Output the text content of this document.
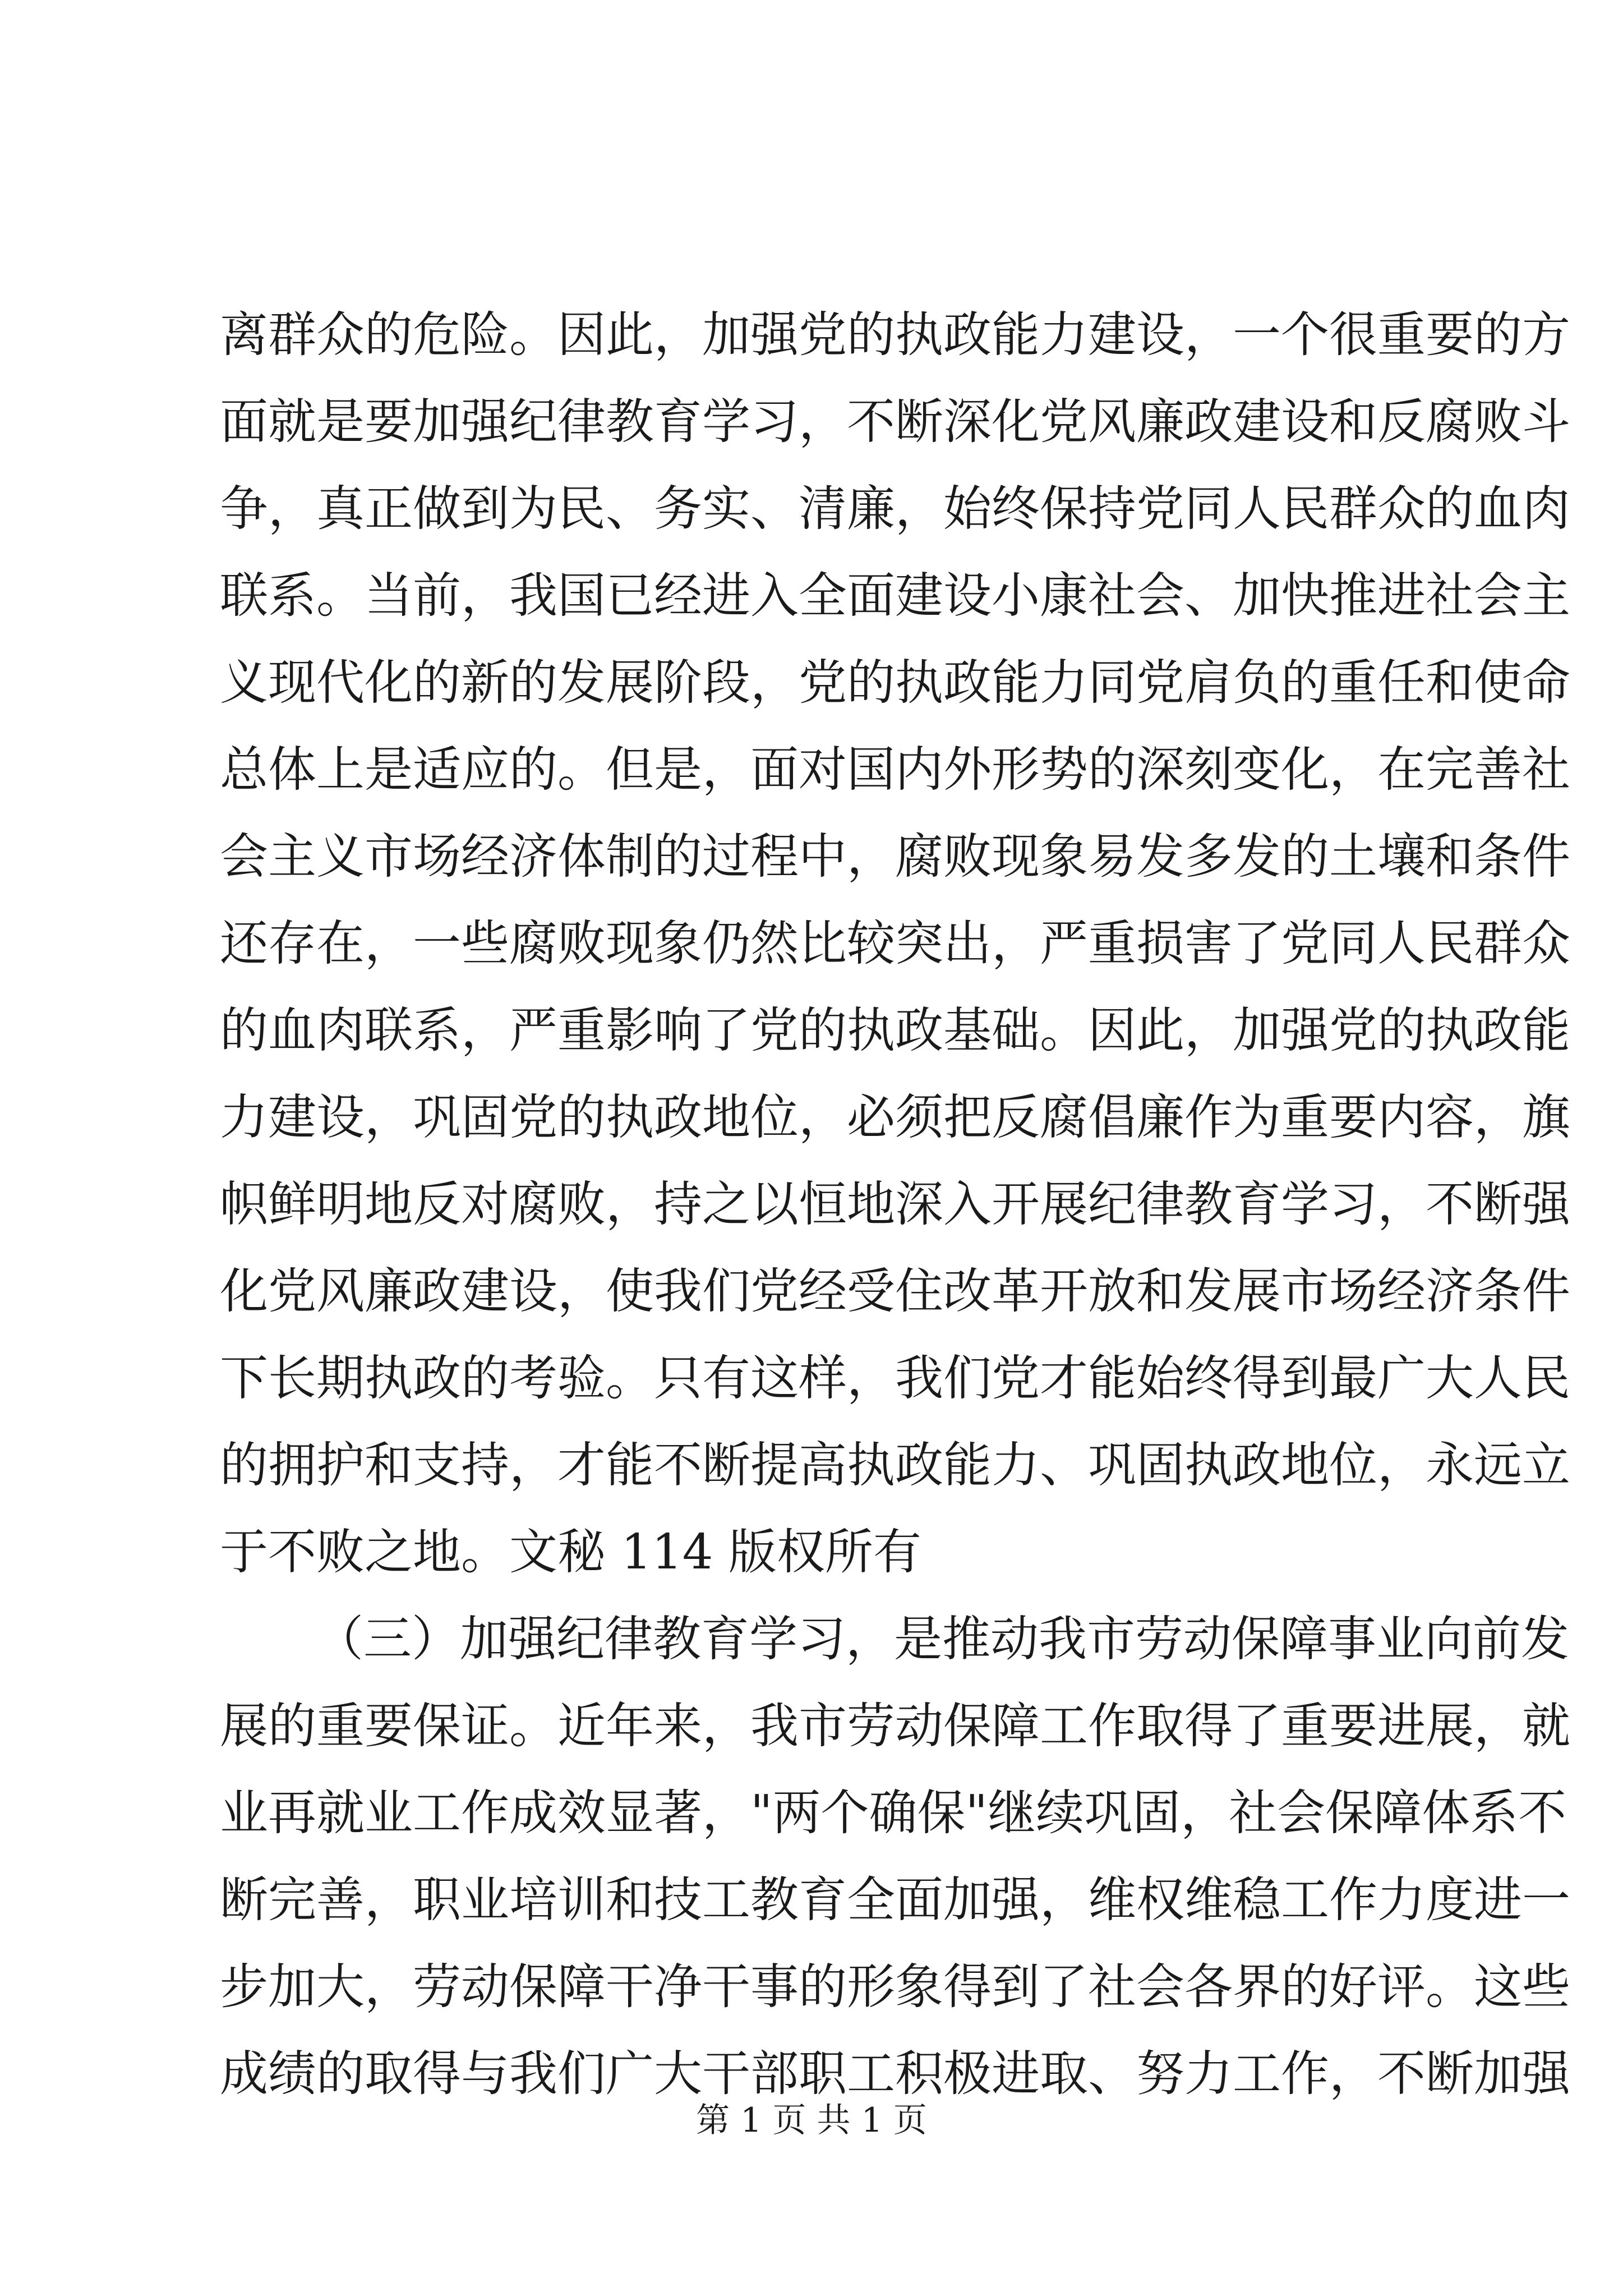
离群众的危险。因此，加强党的执政能力建设，一个很重要的方
面就是要加强纪律教育学习，不断深化党风廉政建设和反腐败斗
争，真正做到为民、务实、清廉，始终保持党同人民群众的血肉
联系。当前，我国已经进入全面建设小康社会、加快推进社会主
义现代化的新的发展阶段，党的执政能力同党肩负的重任和使命
总体上是适应的。但是，面对国内外形势的深刻变化，在完善社
会主义市场经济体制的过程中，腐败现象易发多发的土壤和条件
还存在，一些腐败现象仍然比较突出，严重损害了党同人民群众
的血肉联系，严重影响了党的执政基础。因此，加强党的执政能
力建设，巩固党的执政地位，必须把反腐倡廉作为重要内容，旗
帜鲜明地反对腐败，持之以恒地深入开展纪律教育学习，不断强
化党风廉政建设，使我们党经受住改革开放和发展市场经济条件
下长期执政的考验。只有这样，我们党才能始终得到最广大人民
的拥护和支持，才能不断提高执政能力、巩固执政地位，永远立
于不败之地。文秘 114 版权所有
（三）加强纪律教育学习，是推动我市劳动保障事业向前发
展的重要保证。近年来，我市劳动保障工作取得了重要进展，就
业再就业工作成效显著，"两个确保"继续巩固，社会保障体系不
断完善，职业培训和技工教育全面加强，维权维稳工作力度进一
步加大，劳动保障干净干事的形象得到了社会各界的好评。这些
成绩的取得与我们广大干部职工积极进取、努力工作，不断加强
第 1 页 共 1 页
